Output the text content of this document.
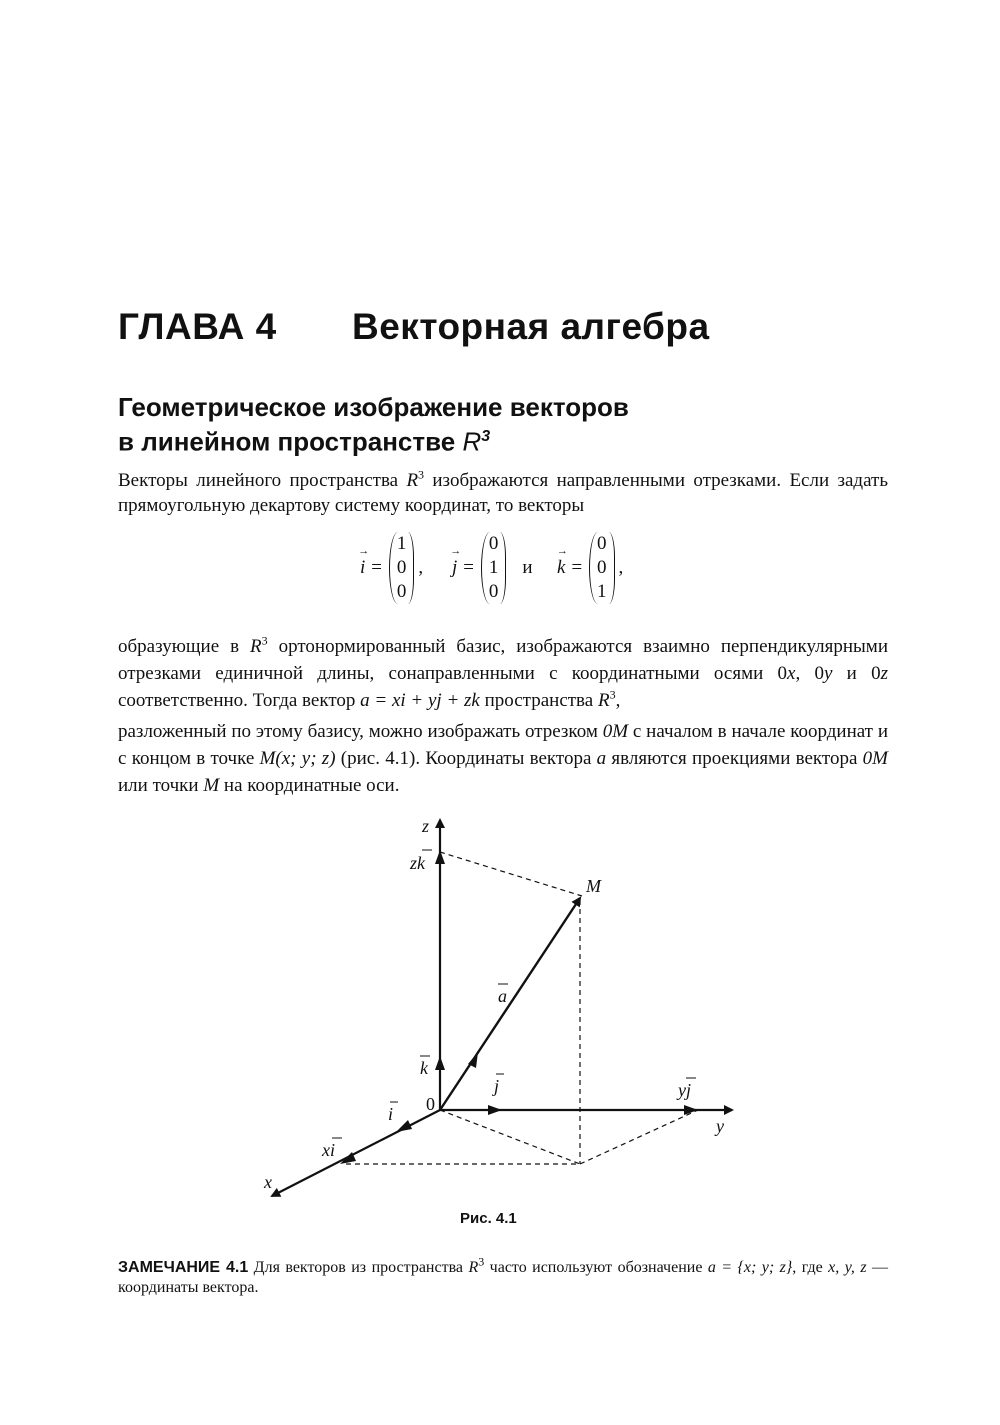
ГЛАВА 4 Векторная алгебра
Геометрическое изображение векторов
в линейном пространстве $R^3$
Векторы линейного пространства $R^3$ изображаются направленными отрезками. Если задать прямоугольную декартову систему координат, то векторы
→ i =
1
0
0
, → j =
0
1
0
и → k =
0
0
1
,
образующие в $R^3$ ортонормированный базис, изображаются взаимно перпендикулярными отрезками единичной длины, сонаправленными с координатными осями 0x, 0y и 0z соответственно. Тогда вектор a = xi + yj + zk пространства $R^3$,
разложенный по этому базису, можно изображать отрезком 0M с началом в начале координат и с концом в точке M(x; y; z) (рис. 4.1). Координаты вектора a являются проекциями вектора 0M или точки M на координатные оси.
z
zk
M
a
k
j	yj
y
i
xi
x
0
Рис. 4.1
ЗАМЕЧАНИЕ 4.1 Для векторов из пространства $R^3$ часто используют обозначение a = {x; y; z}, где x, y, z — координаты вектора.
